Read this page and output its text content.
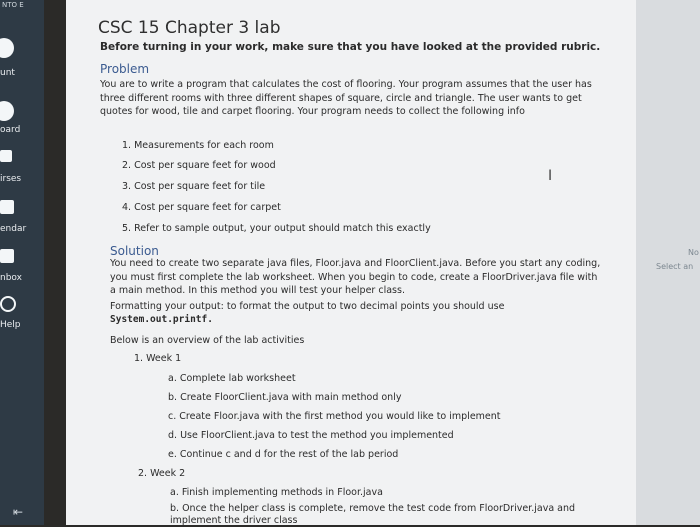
NTO E
unt
oard
irses
endar
nbox
Help
⇤
CSC 15 Chapter 3 lab
Before turning in your work, make sure that you have looked at the provided rubric.
Problem
You are to write a program that calculates the cost of flooring. Your program assumes that the user has three different rooms with three different shapes of square, circle and triangle. The user wants to get quotes for wood, tile and carpet flooring. Your program needs to collect the following info
1. Measurements for each room
2. Cost per square feet for wood
3. Cost per square feet for tile
4. Cost per square feet for carpet
5. Refer to sample output, your output should match this exactly
Solution
You need to create two separate java files, Floor.java and FloorClient.java. Before you start any coding, you must first complete the lab worksheet. When you begin to code, create a FloorDriver.java file with a main method. In this method you will test your helper class.
Formatting your output: to format the output to two decimal points you should use
System.out.printf.
Below is an overview of the lab activities
1. Week 1
a. Complete lab worksheet
b. Create FloorClient.java with main method only
c. Create Floor.java with the first method you would like to implement
d. Use FloorClient.java to test the method you implemented
e. Continue c and d for the rest of the lab period
2. Week 2
a. Finish implementing methods in Floor.java
b. Once the helper class is complete, remove the test code from FloorDriver.java and implement the driver class
I
No
Select an
